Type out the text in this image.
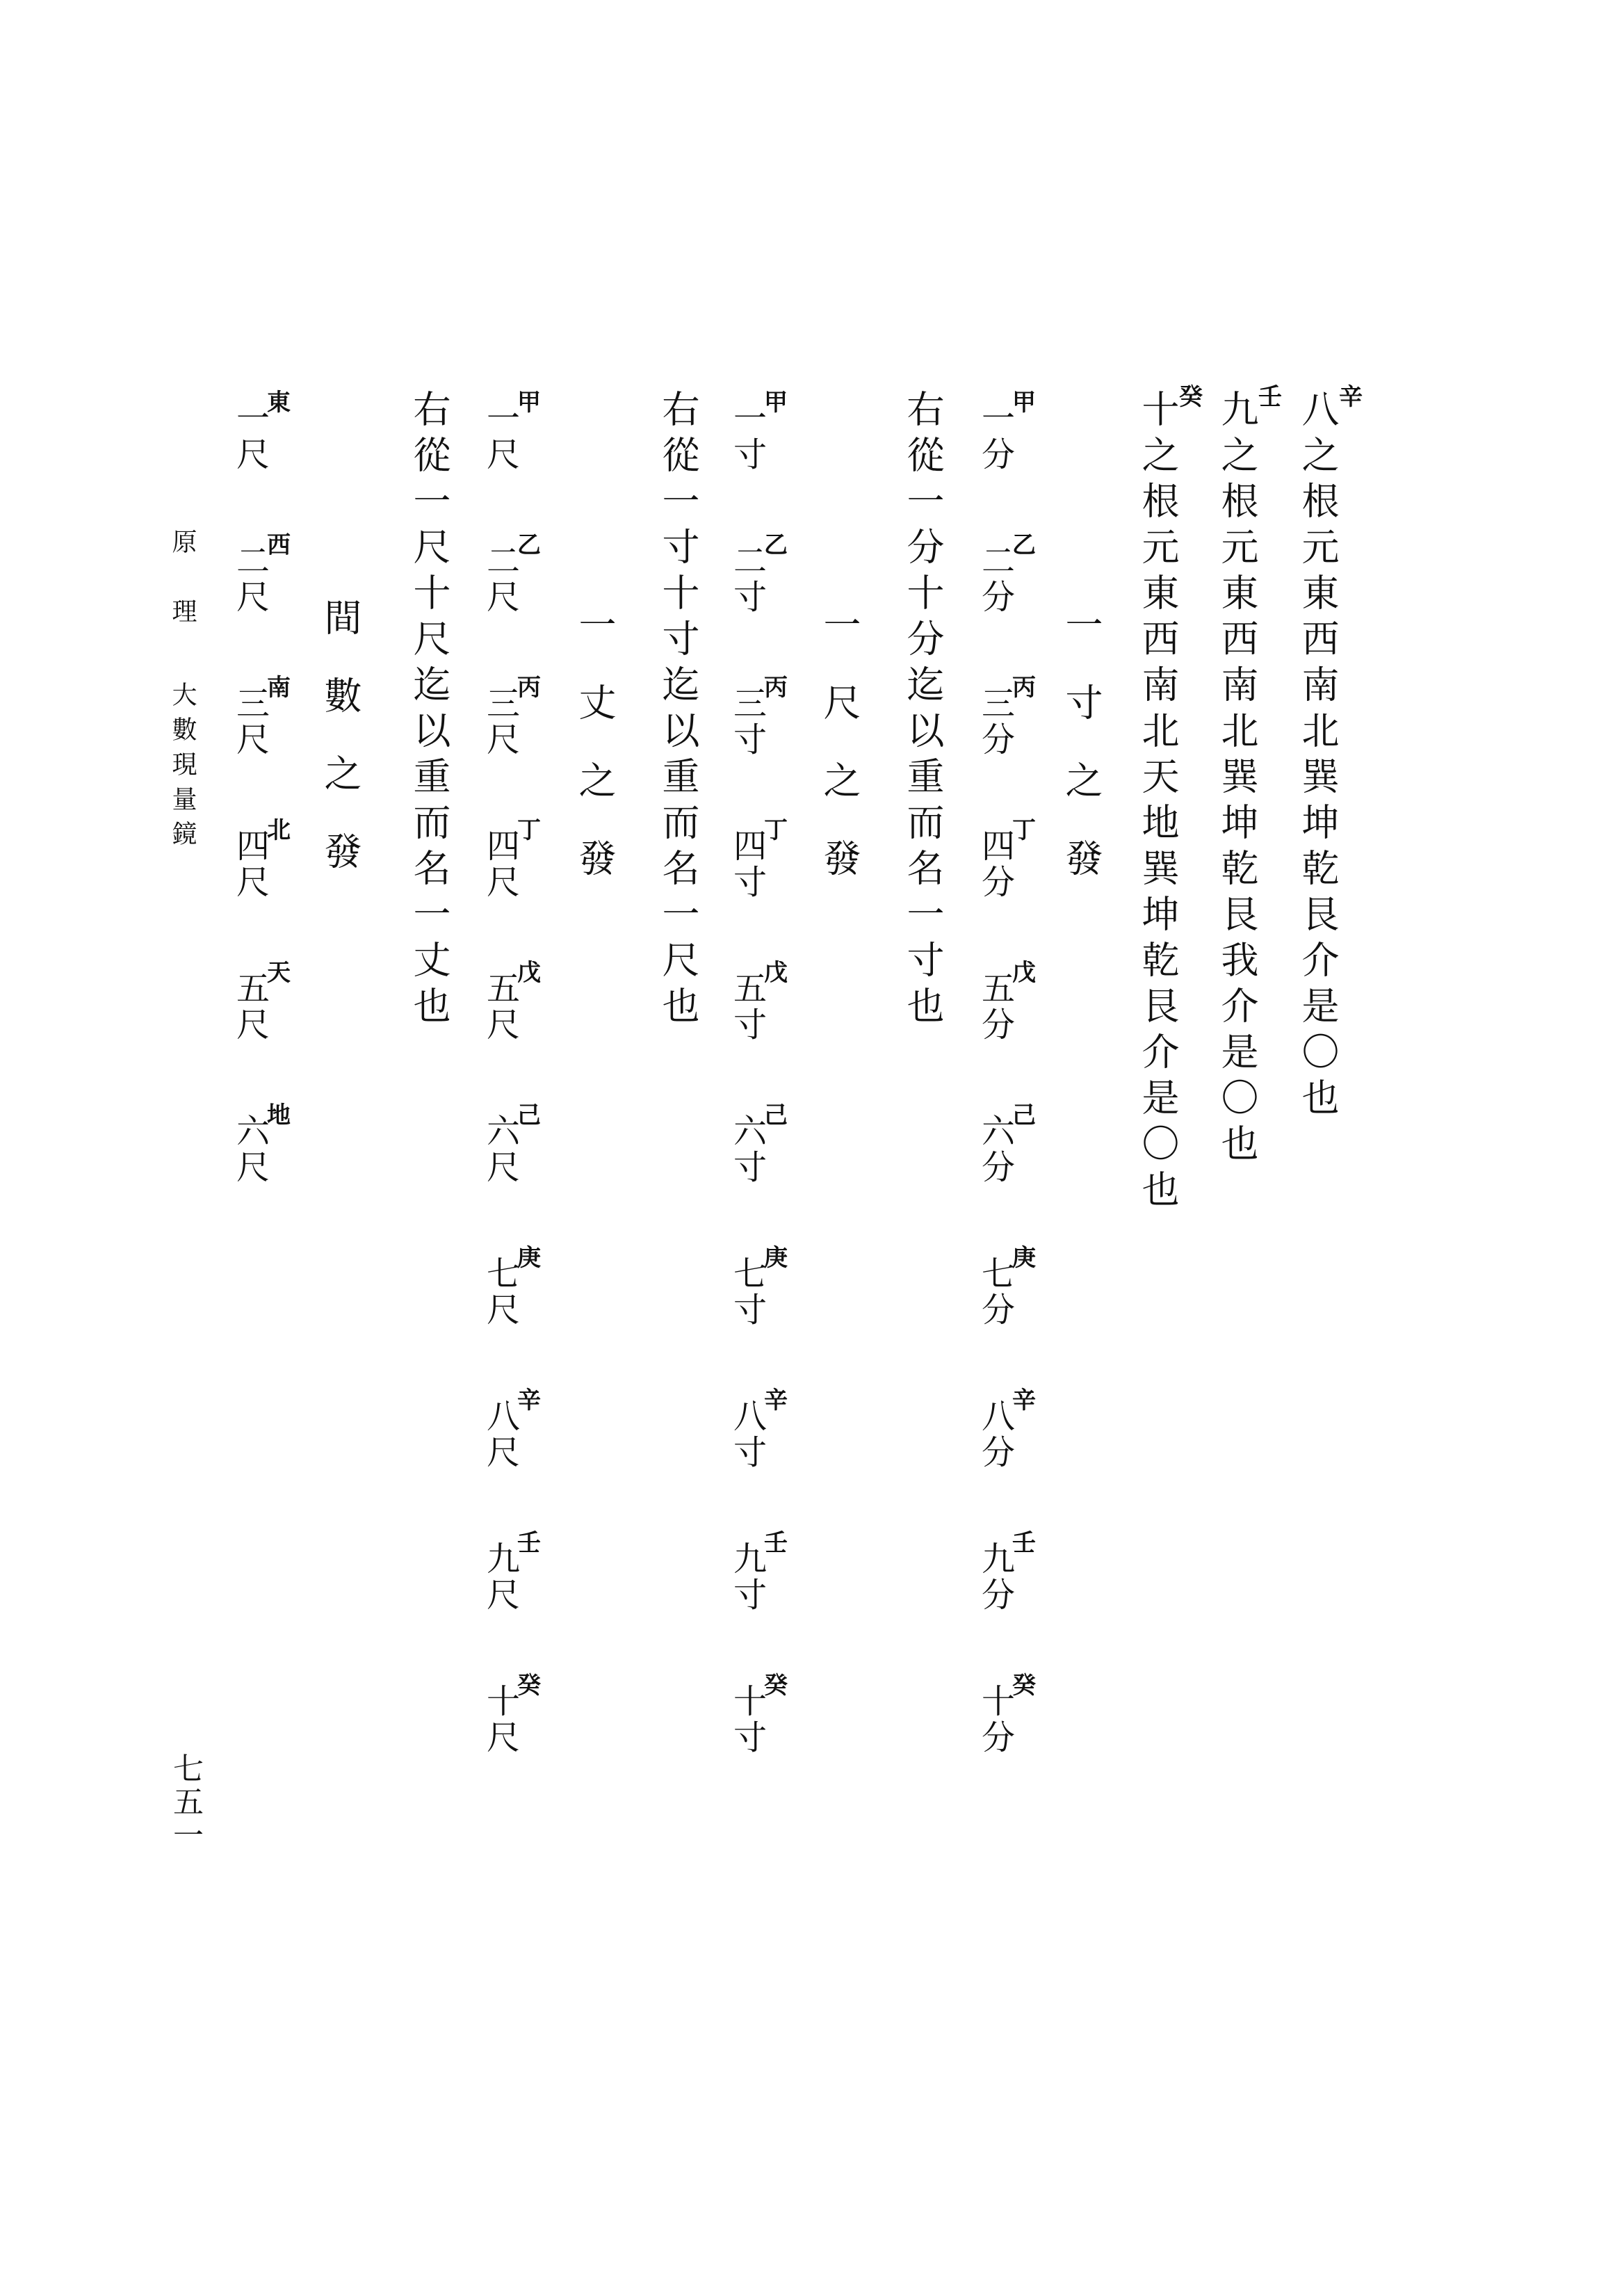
辛
八之根元東西南北巽坤乾艮介是〇也
壬
九之根元東西南北巽坤乾艮我介是〇也
癸
十之根元東西南北天地巽坤乾艮介是〇也
一寸之發
甲
一
分
乙
二
分
丙
三
分
丁
四
分
戊
五
分
己
六
分
庚
七
分
辛
八
分
壬
九
分
癸
十
分
右從一分十分迄以重而名一寸也
一尺之發
甲
一
寸
乙
二
寸
丙
三
寸
丁
四
寸
戊
五
寸
己
六
寸
庚
七
寸
辛
八
寸
壬
九
寸
癸
十
寸
右從一寸十寸迄以重而名一尺也
一丈之發
甲
一
尺
乙
二
尺
丙
三
尺
丁
四
尺
戊
五
尺
己
六
尺
庚
七
尺
辛
八
尺
壬
九
尺
癸
十
尺
右從一尺十尺迄以重而名一丈也
間數之發
東
一
尺
西
二
尺
南
三
尺
北
四
尺
天
五
尺
地
六
尺
原　理
大數現量鏡
七五一
